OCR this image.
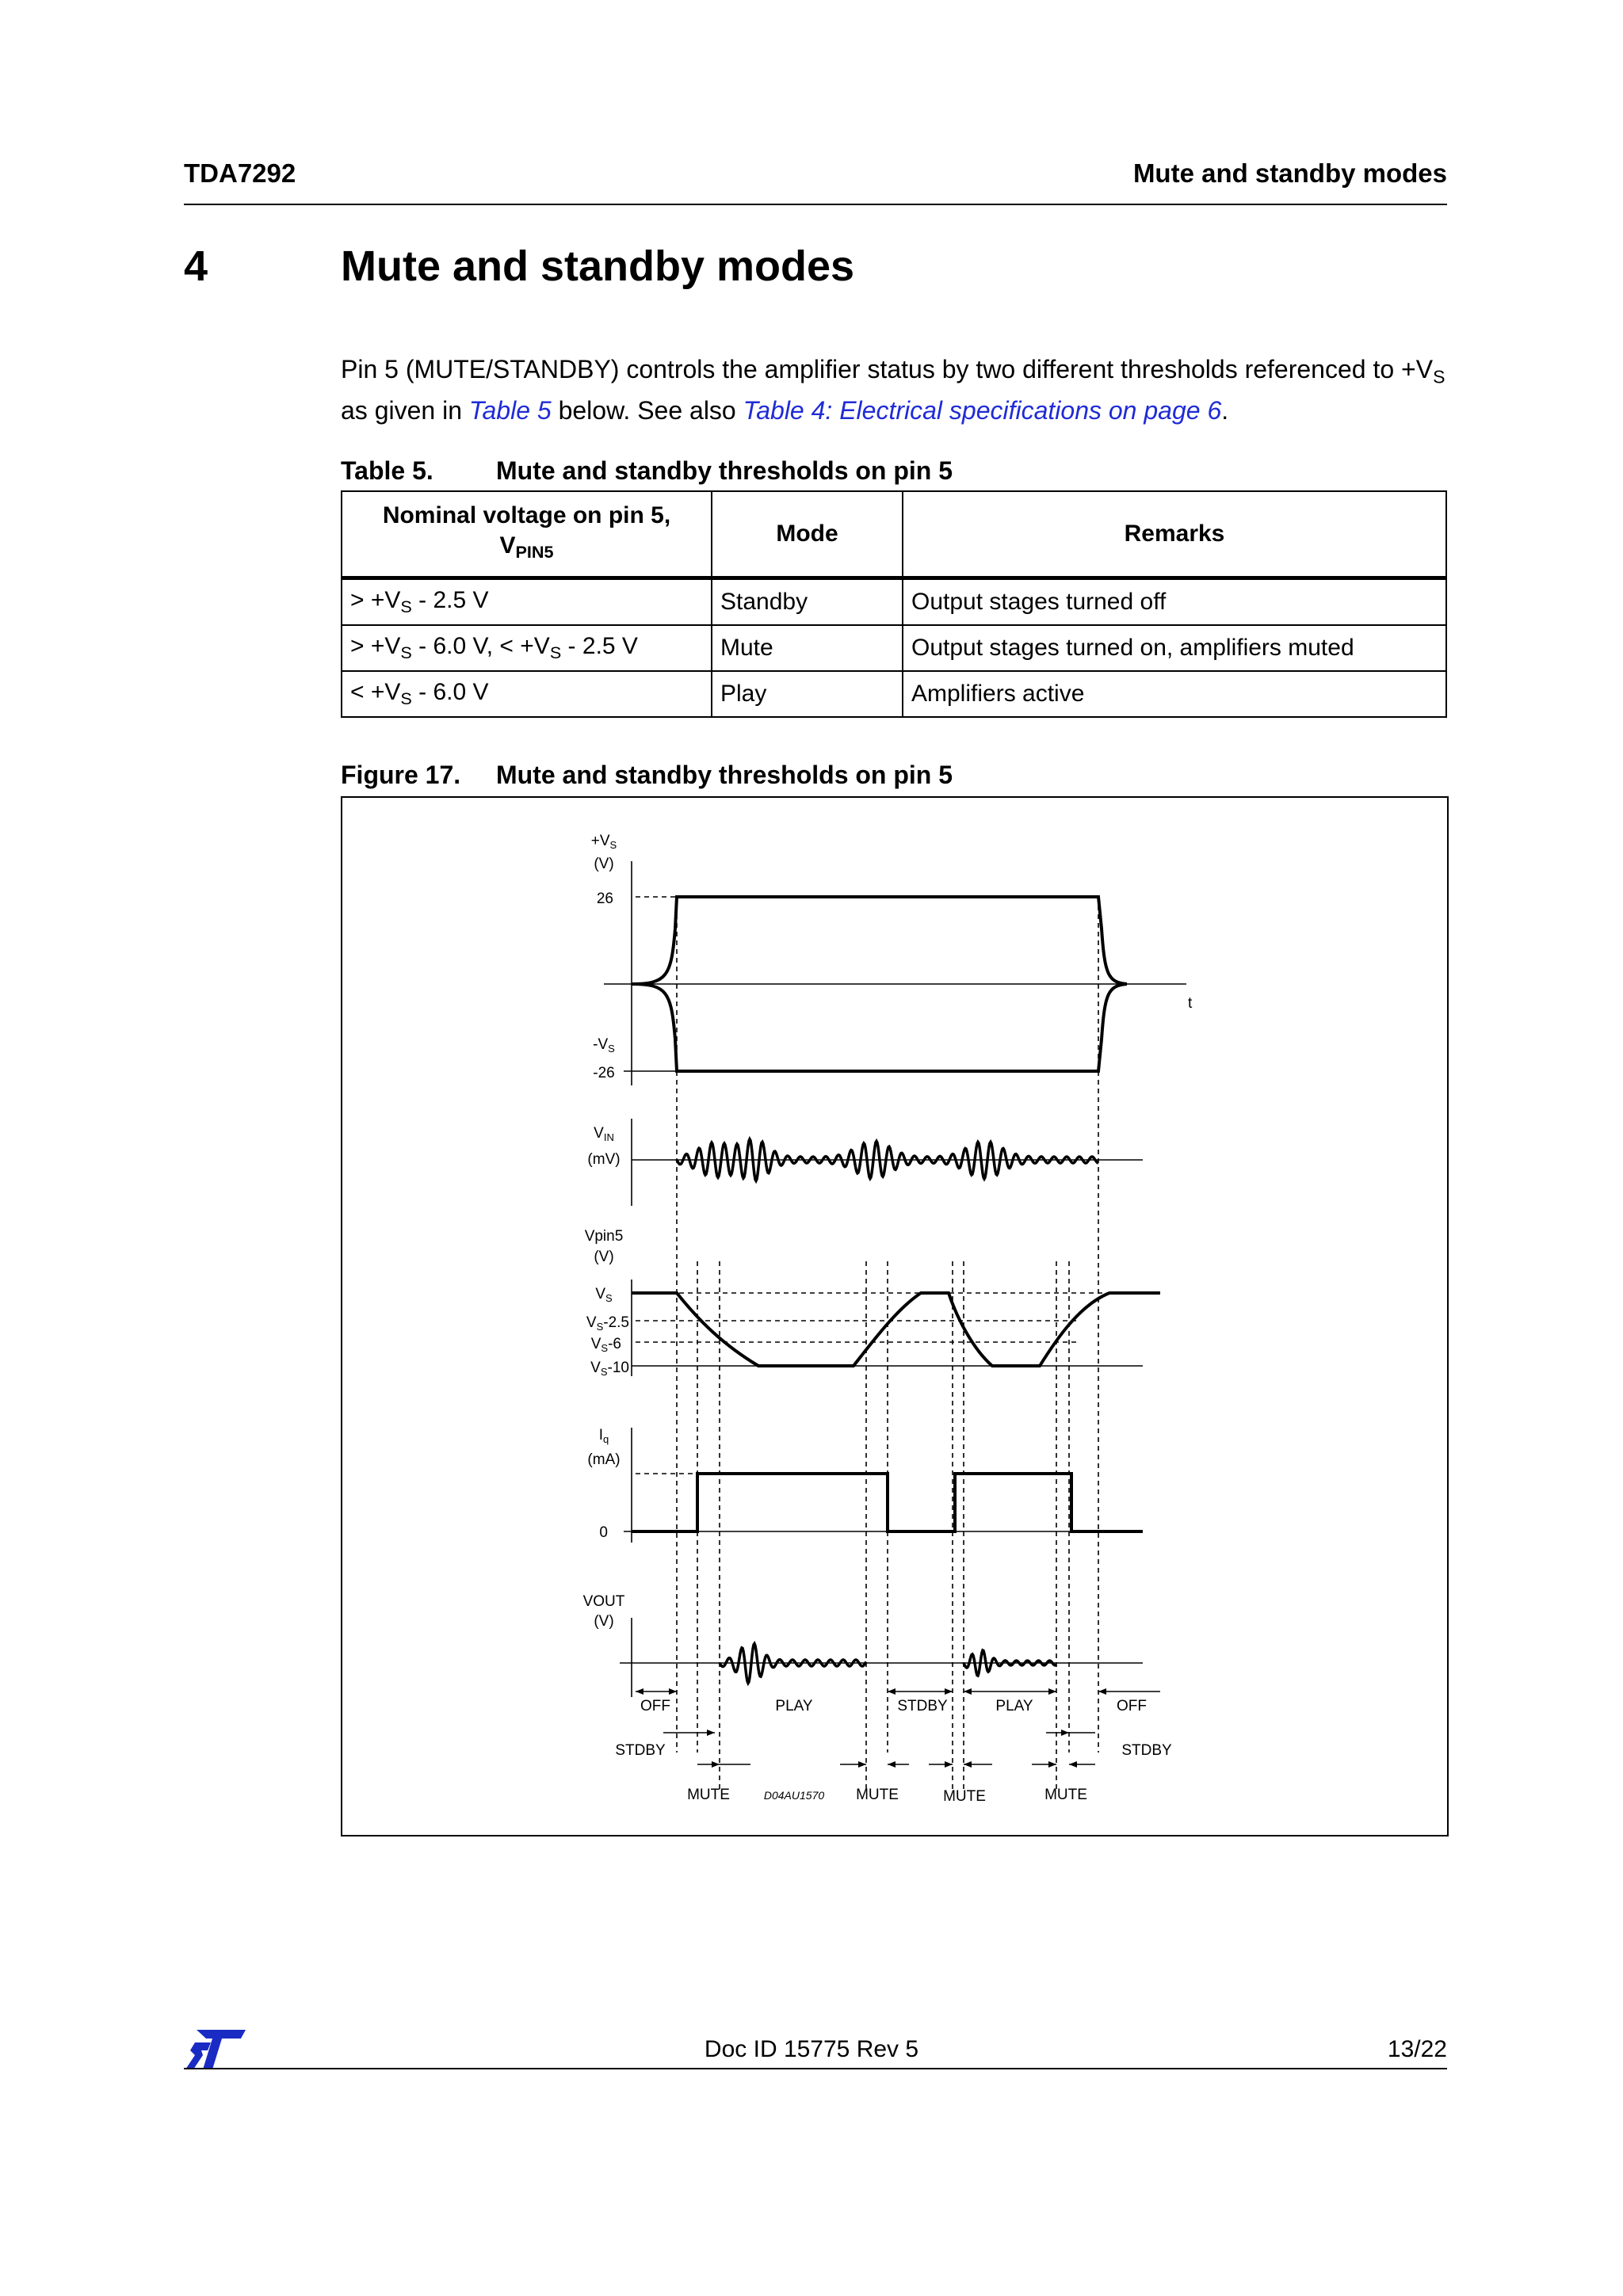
TDA7292	Mute and standby modes
4	Mute and standby modes
Pin 5 (MUTE/STANDBY) controls the amplifier status by two different thresholds referenced to $+V_S$ as given in Table 5 below. See also Table 4: Electrical specifications on page 6.
Table 5. Mute and standby thresholds on pin 5
Nominal voltage on pin 5,
$V_{PIN5}$	Mode	Remarks
> $+V_S - 2.5$ V	Standby	Output stages turned off
> $+V_S - 6.0$ V, < $+V_S - 2.5$ V	Mute	Output stages turned on, amplifiers muted
< $+V_S - 6.0$ V	Play	Amplifiers active
Figure 17. Mute and standby thresholds on pin 5
$+V_S$
(V)
26
t
$-V_S$
-26
$V_{IN}$
(mV)
Vpin5
(V)
$V_S$
$V_S-2.5$
$V_S-6$
$V_S-10$
$I_q$
(mA)
0
VOUT
(V)
OFF	PLAY	STDBY	PLAY	OFF
STDBY	STDBY
MUTE	D04AU1570 MUTE	MUTE	MUTE
Doc ID 15775 Rev 5	13/22
